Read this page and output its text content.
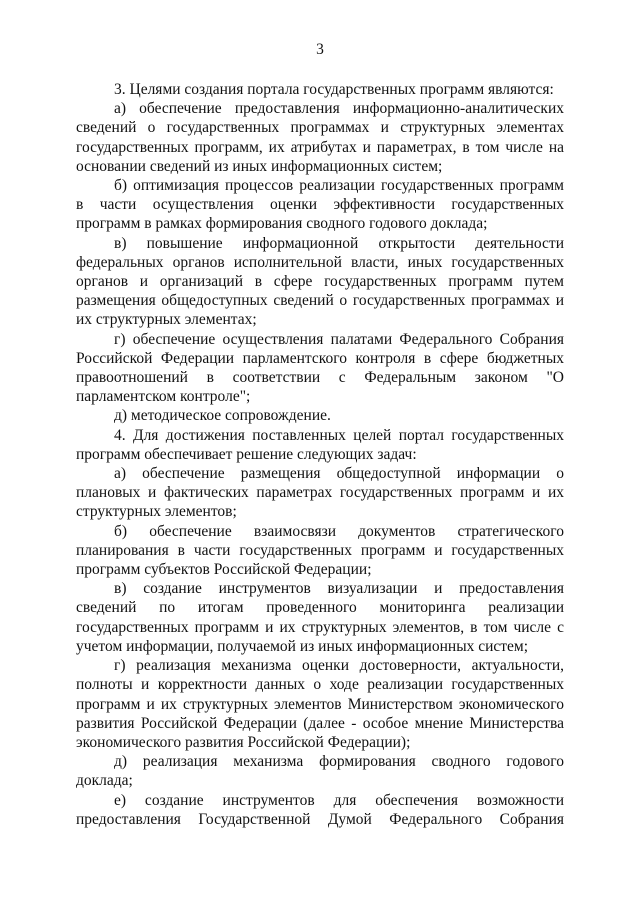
3

3. Целями создания портала государственных программ являются:

а) обеспечение предоставления информационно-аналитических сведений о государственных программах и структурных элементах государственных программ, их атрибутах и параметрах, в том числе на основании сведений из иных информационных систем;

б) оптимизация процессов реализации государственных программ в части осуществления оценки эффективности государственных программ в рамках формирования сводного годового доклада;

в) повышение информационной открытости деятельности федеральных органов исполнительной власти, иных государственных органов и организаций в сфере государственных программ путем размещения общедоступных сведений о государственных программах и их структурных элементах;

г) обеспечение осуществления палатами Федерального Собрания Российской Федерации парламентского контроля в сфере бюджетных правоотношений в соответствии с Федеральным законом "О парламентском контроле";

д) методическое сопровождение.

4. Для достижения поставленных целей портал государственных программ обеспечивает решение следующих задач:

а) обеспечение размещения общедоступной информации о плановых и фактических параметрах государственных программ и их структурных элементов;

б) обеспечение взаимосвязи документов стратегического планирования в части государственных программ и государственных программ субъектов Российской Федерации;

в) создание инструментов визуализации и предоставления сведений по итогам проведенного мониторинга реализации государственных программ и их структурных элементов, в том числе с учетом информации, получаемой из иных информационных систем;

г) реализация механизма оценки достоверности, актуальности, полноты и корректности данных о ходе реализации государственных программ и их структурных элементов Министерством экономического развития Российской Федерации (далее - особое мнение Министерства экономического развития Российской Федерации);

д) реализация механизма формирования сводного годового доклада;

е) создание инструментов для обеспечения возможности предоставления Государственной Думой Федерального Собрания
